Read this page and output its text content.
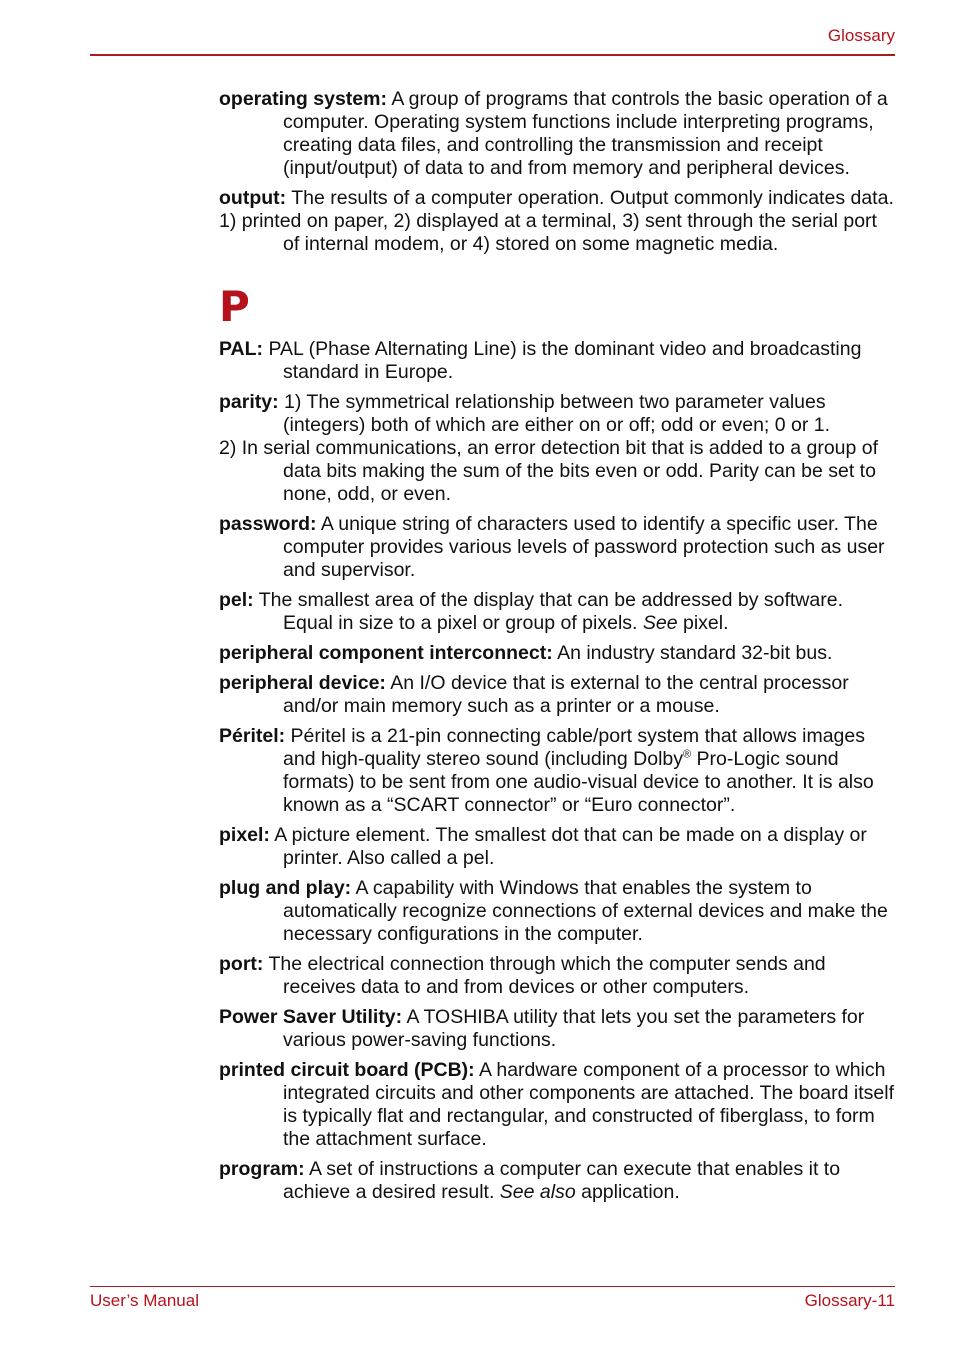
Glossary

operating system: A group of programs that controls the basic operation of a computer. Operating system functions include interpreting programs, creating data files, and controlling the transmission and receipt (input/output) of data to and from memory and peripheral devices.

output: The results of a computer operation. Output commonly indicates data.
1) printed on paper, 2) displayed at a terminal, 3) sent through the serial port of internal modem, or 4) stored on some magnetic media.

P

PAL: PAL (Phase Alternating Line) is the dominant video and broadcasting standard in Europe.

parity: 1) The symmetrical relationship between two parameter values (integers) both of which are either on or off; odd or even; 0 or 1.
2) In serial communications, an error detection bit that is added to a group of data bits making the sum of the bits even or odd. Parity can be set to none, odd, or even.

password: A unique string of characters used to identify a specific user. The computer provides various levels of password protection such as user and supervisor.

pel: The smallest area of the display that can be addressed by software. Equal in size to a pixel or group of pixels. See pixel.

peripheral component interconnect: An industry standard 32-bit bus.

peripheral device: An I/O device that is external to the central processor and/or main memory such as a printer or a mouse.

Péritel: Péritel is a 21-pin connecting cable/port system that allows images and high-quality stereo sound (including Dolby® Pro-Logic sound formats) to be sent from one audio-visual device to another. It is also known as a “SCART connector” or “Euro connector”.

pixel: A picture element. The smallest dot that can be made on a display or printer. Also called a pel.

plug and play: A capability with Windows that enables the system to automatically recognize connections of external devices and make the necessary configurations in the computer.

port: The electrical connection through which the computer sends and receives data to and from devices or other computers.

Power Saver Utility: A TOSHIBA utility that lets you set the parameters for various power-saving functions.

printed circuit board (PCB): A hardware component of a processor to which integrated circuits and other components are attached. The board itself is typically flat and rectangular, and constructed of fiberglass, to form the attachment surface.

program: A set of instructions a computer can execute that enables it to achieve a desired result. See also application.

User’s Manual	Glossary-11
